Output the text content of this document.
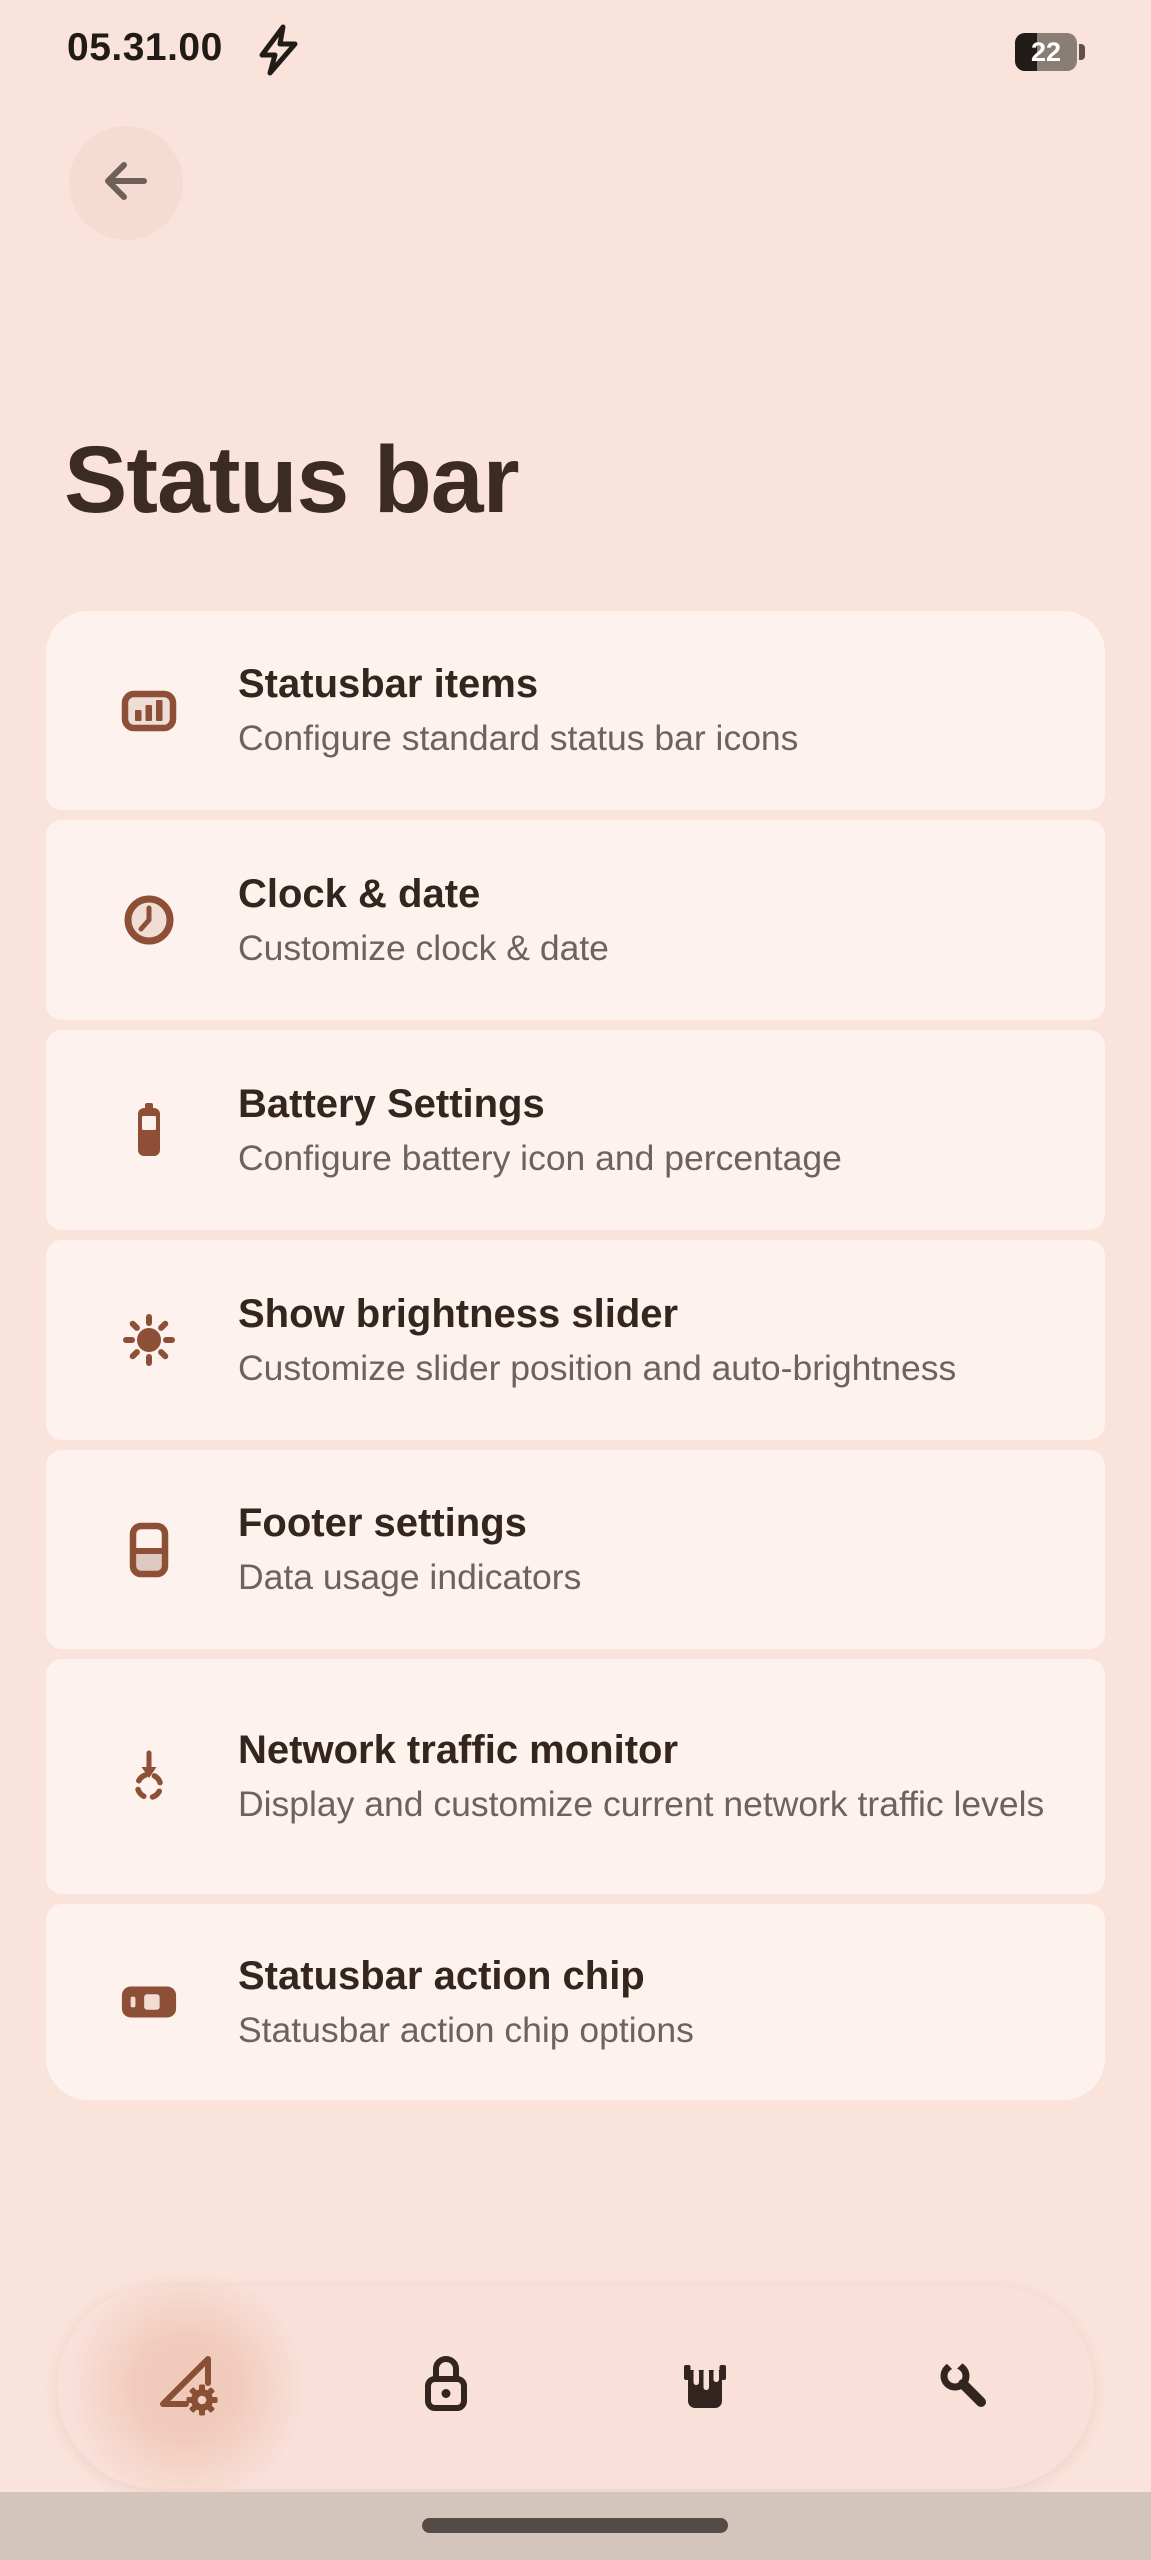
05.31.00	22
Status bar
Statusbar items
Configure standard status bar icons
Clock & date
Customize clock & date
Battery Settings
Configure battery icon and percentage
Show brightness slider
Customize slider position and auto-brightness
Footer settings
Data usage indicators
Network traffic monitor
Display and customize current network traffic levels
Statusbar action chip
Statusbar action chip options
